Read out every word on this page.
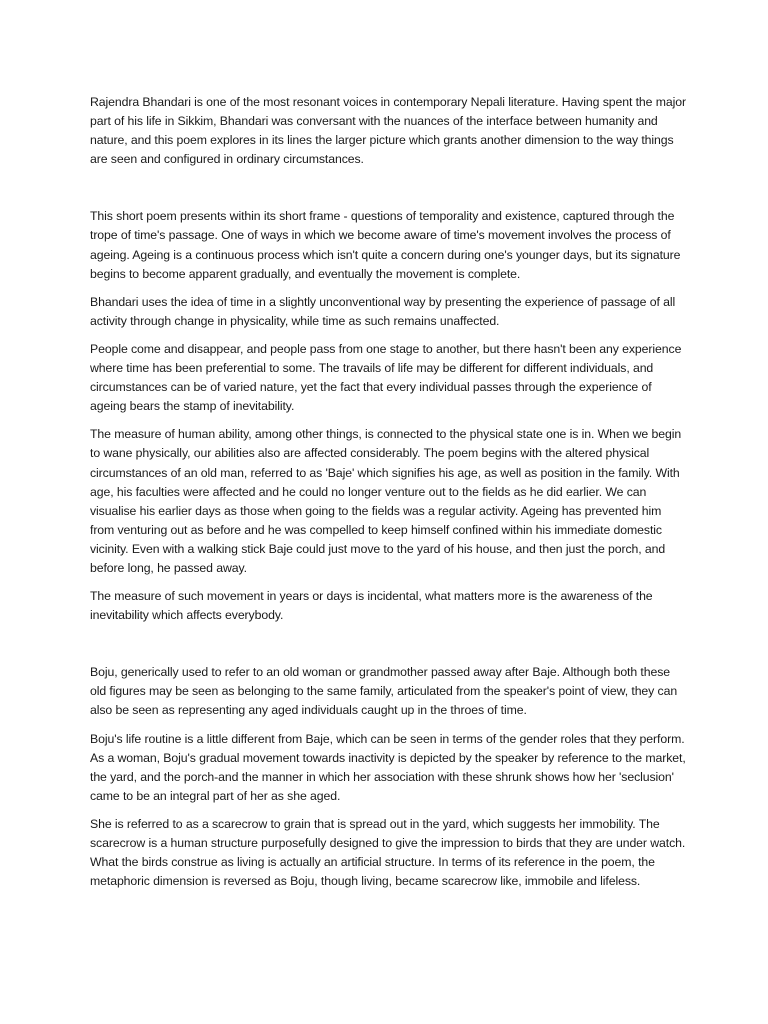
Rajendra Bhandari is one of the most resonant voices in contemporary Nepali literature. Having spent the major part of his life in Sikkim, Bhandari was conversant with the nuances of the interface between humanity and nature, and this poem explores in its lines the larger picture which grants another dimension to the way things are seen and configured in ordinary circumstances.

This short poem presents within its short frame - questions of temporality and existence, captured through the trope of time's passage. One of ways in which we become aware of time's movement involves the process of ageing. Ageing is a continuous process which isn't quite a concern during one's younger days, but its signature begins to become apparent gradually, and eventually the movement is complete.

Bhandari uses the idea of time in a slightly unconventional way by presenting the experience of passage of all activity through change in physicality, while time as such remains unaffected.

People come and disappear, and people pass from one stage to another, but there hasn't been any experience where time has been preferential to some. The travails of life may be different for different individuals, and circumstances can be of varied nature, yet the fact that every individual passes through the experience of ageing bears the stamp of inevitability.

The measure of human ability, among other things, is connected to the physical state one is in. When we begin to wane physically, our abilities also are affected considerably. The poem begins with the altered physical circumstances of an old man, referred to as 'Baje' which signifies his age, as well as position in the family. With age, his faculties were affected and he could no longer venture out to the fields as he did earlier. We can visualise his earlier days as those when going to the fields was a regular activity. Ageing has prevented him from venturing out as before and he was compelled to keep himself confined within his immediate domestic vicinity. Even with a walking stick Baje could just move to the yard of his house, and then just the porch, and before long, he passed away.

The measure of such movement in years or days is incidental, what matters more is the awareness of the inevitability which affects everybody.

Boju, generically used to refer to an old woman or grandmother passed away after Baje. Although both these old figures may be seen as belonging to the same family, articulated from the speaker's point of view, they can also be seen as representing any aged individuals caught up in the throes of time.

Boju's life routine is a little different from Baje, which can be seen in terms of the gender roles that they perform. As a woman, Boju's gradual movement towards inactivity is depicted by the speaker by reference to the market, the yard, and the porch-and the manner in which her association with these shrunk shows how her 'seclusion' came to be an integral part of her as she aged.

She is referred to as a scarecrow to grain that is spread out in the yard, which suggests her immobility. The scarecrow is a human structure purposefully designed to give the impression to birds that they are under watch. What the birds construe as living is actually an artificial structure. In terms of its reference in the poem, the metaphoric dimension is reversed as Boju, though living, became scarecrow like, immobile and lifeless.
